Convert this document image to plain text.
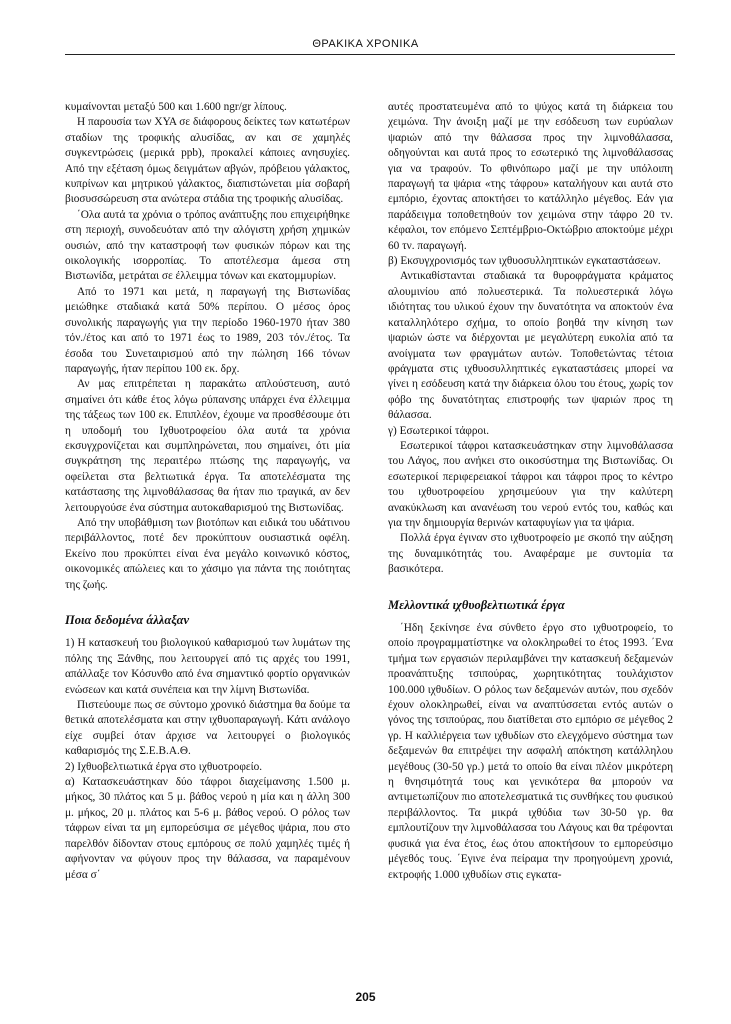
ΘΡΑΚΙΚΑ ΧΡΟΝΙΚΑ

κυμαίνονται μεταξύ 500 και 1.600 ngr/gr λίπους.

Η παρουσία των ΧΥΑ σε διάφορους δείκτες των κατωτέρων σταδίων της τροφικής αλυσίδας, αν και σε χαμηλές συγκεντρώσεις (μερικά ppb), προκαλεί κάποιες ανησυχίες. Από την εξέταση όμως δειγμάτων αβγών, πρόβειου γάλακτος, κυπρίνων και μητρικού γάλακτος, διαπιστώνεται μία σοβαρή βιοσυσσώρευση στα ανώτερα στάδια της τροφικής αλυσίδας.

΄Ολα αυτά τα χρόνια ο τρόπος ανάπτυξης που επιχειρήθηκε στη περιοχή, συνοδευόταν από την αλόγιστη χρήση χημικών ουσιών, από την καταστροφή των φυσικών πόρων και της οικολογικής ισορροπίας. Το αποτέλεσμα άμεσα στη Βιστωνίδα, μετράται σε έλλειμμα τόνων και εκατομμυρίων.

Από το 1971 και μετά, η παραγωγή της Βιστωνίδας μειώθηκε σταδιακά κατά 50% περίπου. Ο μέσος όρος συνολικής παραγωγής για την περίοδο 1960-1970 ήταν 380 τόν./έτος και από το 1971 έως το 1989, 203 τόν./έτος. Τα έσοδα του Συνεταιρισμού από την πώληση 166 τόνων παραγωγής, ήταν περίπου 100 εκ. δρχ.

Αν μας επιτρέπεται η παρακάτω απλούστευση, αυτό σημαίνει ότι κάθε έτος λόγω ρύπανσης υπάρχει ένα έλλειμμα της τάξεως των 100 εκ. Επιπλέον, έχουμε να προσθέσουμε ότι η υποδομή του Ιχθυοτροφείου όλα αυτά τα χρόνια εκσυγχρονίζεται και συμπληρώνεται, που σημαίνει, ότι μία συγκράτηση της περαιτέρω πτώσης της παραγωγής, να οφείλεται στα βελτιωτικά έργα. Τα αποτελέσματα της κατάστασης της λιμνοθάλασσας θα ήταν πιο τραγικά, αν δεν λειτουργούσε ένα σύστημα αυτοκαθαρισμού της Βιστωνίδας.

Από την υποβάθμιση των βιοτόπων και ειδικά του υδάτινου περιβάλλοντος, ποτέ δεν προκύπτουν ουσιαστικά οφέλη. Εκείνο που προκύπτει είναι ένα μεγάλο κοινωνικό κόστος, οικονομικές απώλειες και το χάσιμο για πάντα της ποιότητας της ζωής.

Ποια δεδομένα άλλαξαν

1) Η κατασκευή του βιολογικού καθαρισμού των λυμάτων της πόλης της Ξάνθης, που λειτουργεί από τις αρχές του 1991, απάλλαξε τον Κόσυνθο από ένα σημαντικό φορτίο οργανικών ενώσεων και κατά συνέπεια και την λίμνη Βιστωνίδα.

Πιστεύουμε πως σε σύντομο χρονικό διάστημα θα δούμε τα θετικά αποτελέσματα και στην ιχθυοπαραγωγή. Κάτι ανάλογο είχε συμβεί όταν άρχισε να λειτουργεί ο βιολογικός καθαρισμός της Σ.Ε.Β.Α.Θ.

2) Ιχθυοβελτιωτικά έργα στο ιχθυοτροφείο.

α) Κατασκευάστηκαν δύο τάφροι διαχείμανσης 1.500 μ. μήκος, 30 πλάτος και 5 μ. βάθος νερού η μία και η άλλη 300 μ. μήκος, 20 μ. πλάτος και 5-6 μ. βάθος νερού. Ο ρόλος των τάφρων είναι τα μη εμπορεύσιμα σε μέγεθος ψάρια, που στο παρελθόν δίδονταν στους εμπόρους σε πολύ χαμηλές τιμές ή αφήνονταν να φύγουν προς την θάλασσα, να παραμένουν μέσα σ΄

αυτές προστατευμένα από το ψύχος κατά τη διάρκεια του χειμώνα. Την άνοιξη μαζί με την εσόδευση των ευρύαλων ψαριών από την θάλασσα προς την λιμνοθάλασσα, οδηγούνται και αυτά προς το εσωτερικό της λιμνοθάλασσας για να τραφούν. Το φθινόπωρο μαζί με την υπόλοιπη παραγωγή τα ψάρια «της τάφρου» καταλήγουν και αυτά στο εμπόριο, έχοντας αποκτήσει το κατάλληλο μέγεθος. Εάν για παράδειγμα τοποθετηθούν τον χειμώνα στην τάφρο 20 τν. κέφαλοι, τον επόμενο Σεπτέμβριο-Οκτώβριο αποκτούμε μέχρι 60 τν. παραγωγή.

β) Εκσυγχρονισμός των ιχθυοσυλληπτικών εγκαταστάσεων.

Αντικαθίστανται σταδιακά τα θυροφράγματα κράματος αλουμινίου από πολυεστερικά. Τα πολυεστερικά λόγω ιδιότητας του υλικού έχουν την δυνατότητα να αποκτούν ένα καταλληλότερο σχήμα, το οποίο βοηθά την κίνηση των ψαριών ώστε να διέρχονται με μεγαλύτερη ευκολία από τα ανοίγματα των φραγμάτων αυτών. Τοποθετώντας τέτοια φράγματα στις ιχθυοσυλληπτικές εγκαταστάσεις μπορεί να γίνει η εσόδευση κατά την διάρκεια όλου του έτους, χωρίς τον φόβο της δυνατότητας επιστροφής των ψαριών προς τη θάλασσα.

γ) Εσωτερικοί τάφροι.

Εσωτερικοί τάφροι κατασκευάστηκαν στην λιμνοθάλασσα του Λάγος, που ανήκει στο οικοσύστημα της Βιστωνίδας. Οι εσωτερικοί περιφερειακοί τάφροι και τάφροι προς το κέντρο του ιχθυοτροφείου χρησιμεύουν για την καλύτερη ανακύκλωση και ανανέωση του νερού εντός του, καθώς και για την δημιουργία θερινών καταφυγίων για τα ψάρια.

Πολλά έργα έγιναν στο ιχθυοτροφείο με σκοπό την αύξηση της δυναμικότητάς του. Αναφέραμε με συντομία τα βασικότερα.

Μελλοντικά ιχθυοβελτιωτικά έργα

΄Ηδη ξεκίνησε ένα σύνθετο έργο στο ιχθυοτροφείο, το οποίο προγραμματίστηκε να ολοκληρωθεί το έτος 1993. ΄Ενα τμήμα των εργασιών περιλαμβάνει την κατασκευή δεξαμενών προανάπτυξης τσιπούρας, χωρητικότητας τουλάχιστον 100.000 ιχθυδίων. Ο ρόλος των δεξαμενών αυτών, που σχεδόν έχουν ολοκληρωθεί, είναι να αναπτύσσεται εντός αυτών ο γόνος της τσιπούρας, που διατίθεται στο εμπόριο σε μέγεθος 2 γρ. Η καλλιέργεια των ιχθυδίων στο ελεγχόμενο σύστημα των δεξαμενών θα επιτρέψει την ασφαλή απόκτηση κατάλληλου μεγέθους (30-50 γρ.) μετά το οποίο θα είναι πλέον μικρότερη η θνησιμότητά τους και γενικότερα θα μπορούν να αντιμετωπίζουν πιο αποτελεσματικά τις συνθήκες του φυσικού περιβάλλοντος. Τα μικρά ιχθύδια των 30-50 γρ. θα εμπλουτίζουν την λιμνοθάλασσα του Λάγους και θα τρέφονται φυσικά για ένα έτος, έως ότου αποκτήσουν το εμπορεύσιμο μέγεθός τους. ΄Εγινε ένα πείραμα την προηγούμενη χρονιά, εκτροφής 1.000 ιχθυδίων στις εγκατα-

205
